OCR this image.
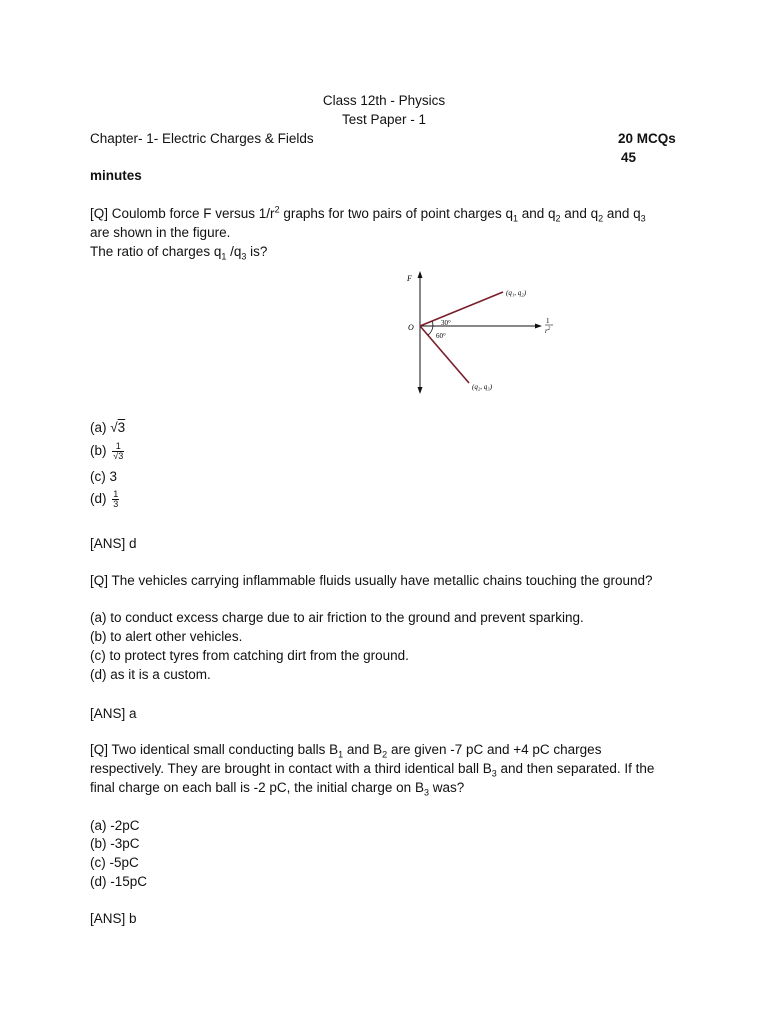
Class 12th - Physics
Test Paper - 1
Chapter- 1- Electric Charges & Fields	20 MCQs
45
minutes
[Q] Coulomb force F versus $1/r^2$ graphs for two pairs of point charges $q_1$ and $q_2$ and $q_2$ and $q_3$
are shown in the figure.
The ratio of charges $q_1$ $/q_3$ is?
F
O	30°
60°
(q₁, q₂)
(q₂, q₃)
1
$r^2$
(a) √3
$(b) \frac{1}{√3}$
(c) 3
$(d) \frac{1}{3}$
[ANS] d
[Q] The vehicles carrying inflammable fluids usually have metallic chains touching the ground?
(a) to conduct excess charge due to air friction to the ground and prevent sparking.
(b) to alert other vehicles.
(c) to protect tyres from catching dirt from the ground.
(d) as it is a custom.
[ANS] a
[Q] Two identical small conducting balls $B_1$ and $B_2$ are given -7 pC and +4 pC charges
respectively. They are brought in contact with a third identical ball $B_3$ and then separated. If the
final charge on each ball is -2 pC, the initial charge on $B_3$ was?
(a) -2pC
(b) -3pC
(c) -5pC
(d) -15pC
[ANS] b
